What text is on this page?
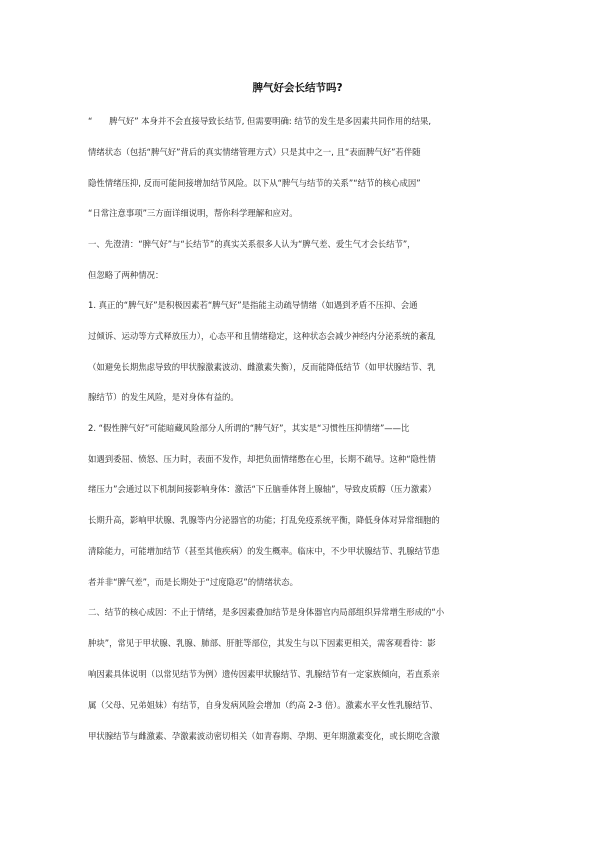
脾气好会长结节吗?

“　　脾气好” 本身并不会直接导致长结节, 但需要明确: 结节的发生是多因素共同作用的结果,

情绪状态（包括“脾气好”背后的真实情绪管理方式）只是其中之一, 且“表面脾气好”若伴随

隐性情绪压抑, 反而可能间接增加结节风险。以下从“脾气与结节的关系”“结节的核心成因”

“日常注意事项”三方面详细说明，帮你科学理解和应对。

一、先澄清：“脾气好”与“长结节”的真实关系很多人认为“脾气差、爱生气才会长结节”，

但忽略了两种情况：

1. 真正的“脾气好”是积极因素若“脾气好”是指能主动疏导情绪（如遇到矛盾不压抑、会通

过倾诉、运动等方式释放压力），心态平和且情绪稳定，这种状态会减少神经内分泌系统的紊乱

（如避免长期焦虑导致的甲状腺激素波动、雌激素失衡），反而能降低结节（如甲状腺结节、乳

腺结节）的发生风险，是对身体有益的。

2. “假性脾气好”可能暗藏风险部分人所谓的“脾气好”，其实是“习惯性压抑情绪”——比

如遇到委屈、愤怒、压力时，表面不发作，却把负面情绪憋在心里，长期不疏导。这种“隐性情

绪压力”会通过以下机制间接影响身体：激活“下丘脑垂体肾上腺轴”，导致皮质醇（压力激素）

长期升高，影响甲状腺、乳腺等内分泌器官的功能；打乱免疫系统平衡，降低身体对异常细胞的

清除能力，可能增加结节（甚至其他疾病）的发生概率。临床中，不少甲状腺结节、乳腺结节患

者并非“脾气差”，而是长期处于“过度隐忍”的情绪状态。

二、结节的核心成因：不止于情绪，是多因素叠加结节是身体器官内局部组织异常增生形成的“小

肿块”，常见于甲状腺、乳腺、肺部、肝脏等部位，其发生与以下因素更相关，需客观看待：影

响因素具体说明（以常见结节为例）遗传因素甲状腺结节、乳腺结节有一定家族倾向，若直系亲

属（父母、兄弟姐妹）有结节，自身发病风险会增加（约高 2-3 倍）。激素水平女性乳腺结节、

甲状腺结节与雌激素、孕激素波动密切相关（如青春期、孕期、更年期激素变化，或长期吃含激
